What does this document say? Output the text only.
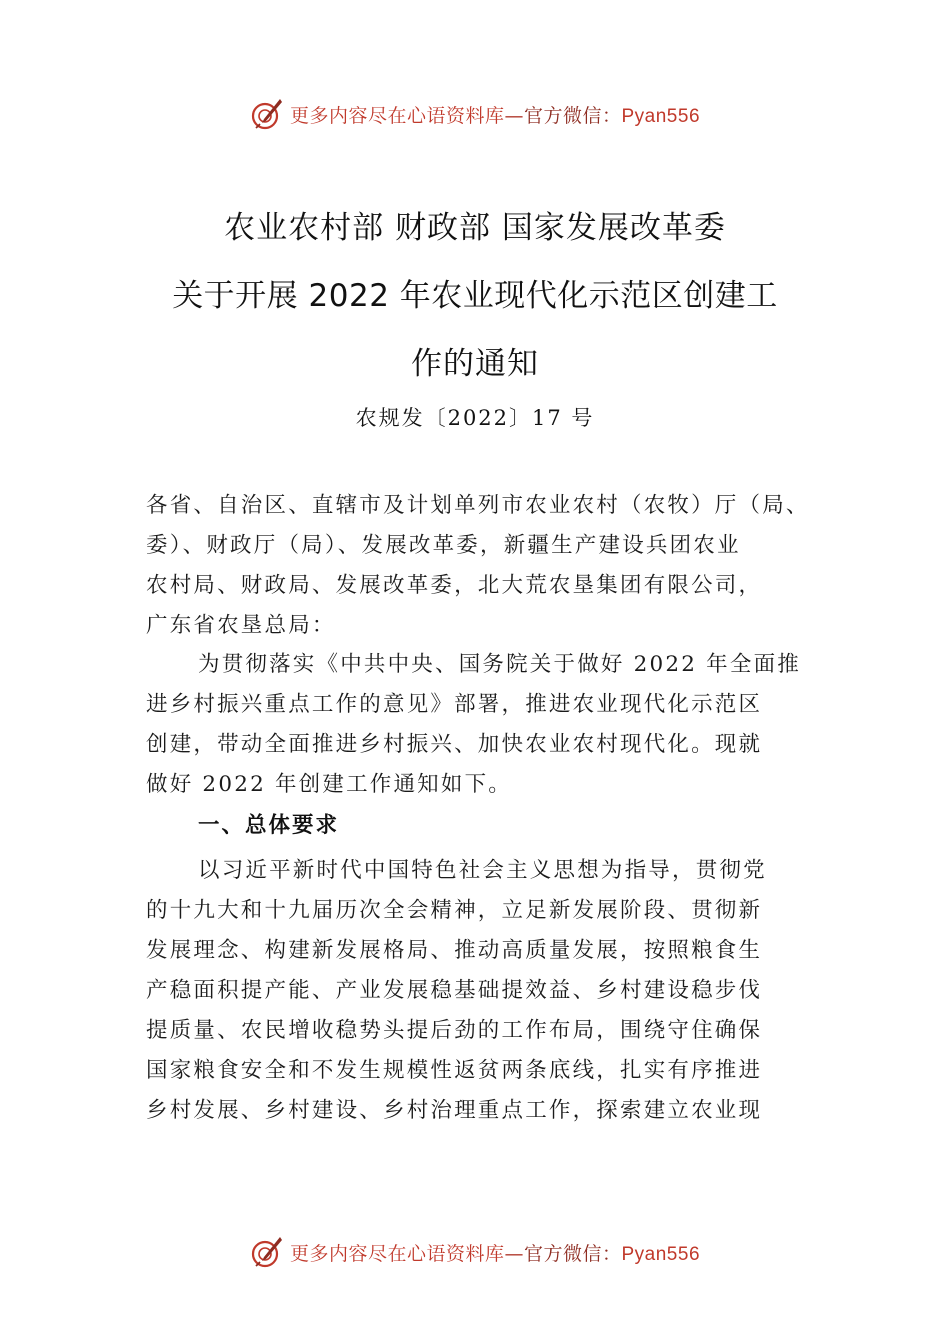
更多内容尽在心语资料库—官方微信：Pyan556
农业农村部 财政部 国家发展改革委
关于开展 2022 年农业现代化示范区创建工
作的通知
农规发〔2022〕17 号
各省、自治区、直辖市及计划单列市农业农村（农牧）厅（局、
委）、财政厅（局）、发展改革委，新疆生产建设兵团农业
农村局、财政局、发展改革委，北大荒农垦集团有限公司，
广东省农垦总局：
为贯彻落实《中共中央、国务院关于做好 2022 年全面推
进乡村振兴重点工作的意见》部署，推进农业现代化示范区
创建，带动全面推进乡村振兴、加快农业农村现代化。现就
做好 2022 年创建工作通知如下。
一、总体要求
以习近平新时代中国特色社会主义思想为指导，贯彻党
的十九大和十九届历次全会精神，立足新发展阶段、贯彻新
发展理念、构建新发展格局、推动高质量发展，按照粮食生
产稳面积提产能、产业发展稳基础提效益、乡村建设稳步伐
提质量、农民增收稳势头提后劲的工作布局，围绕守住确保
国家粮食安全和不发生规模性返贫两条底线，扎实有序推进
乡村发展、乡村建设、乡村治理重点工作，探索建立农业现
更多内容尽在心语资料库—官方微信：Pyan556
